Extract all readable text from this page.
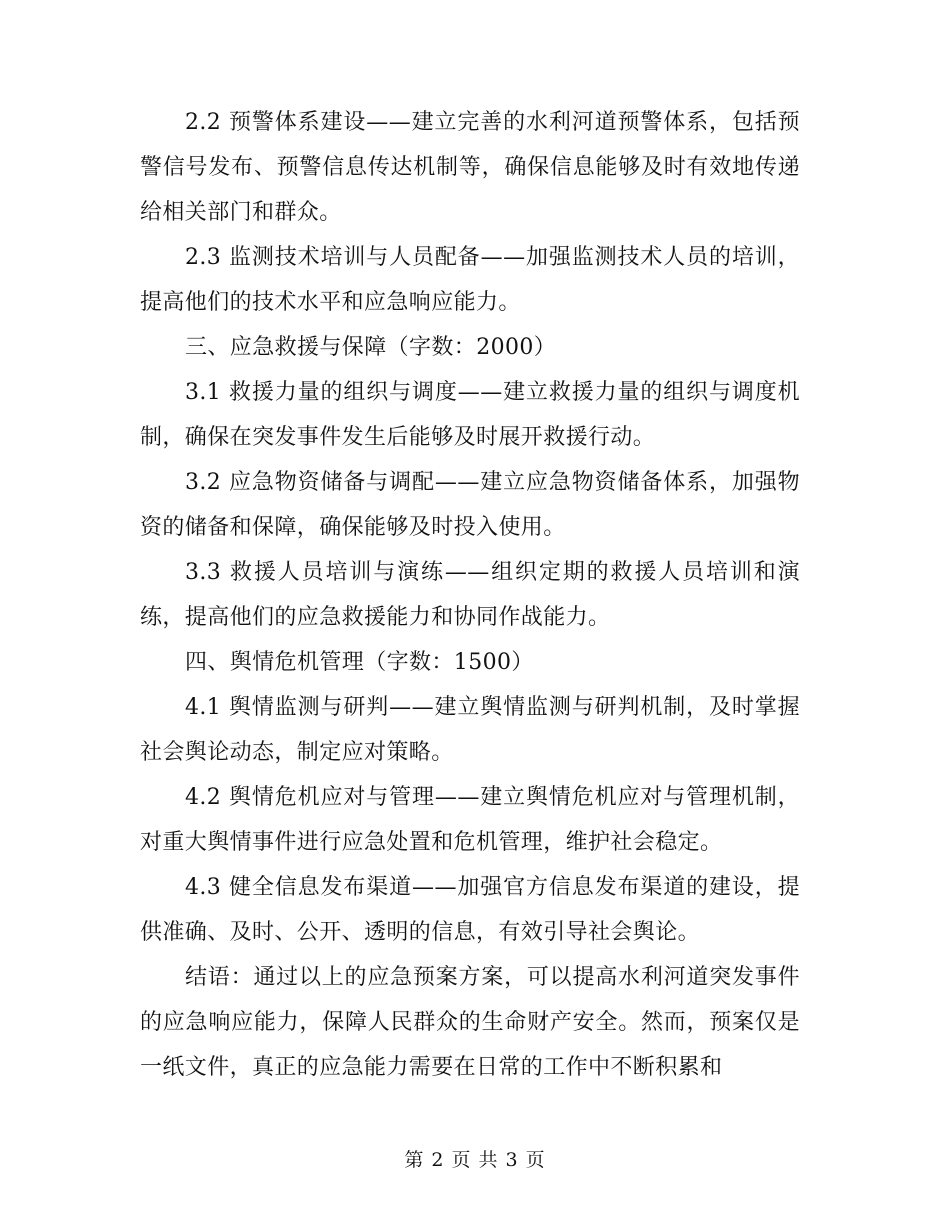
2.2 预警体系建设——建立完善的水利河道预警体系，包括预警信号发布、预警信息传达机制等，确保信息能够及时有效地传递给相关部门和群众。

2.3 监测技术培训与人员配备——加强监测技术人员的培训，提高他们的技术水平和应急响应能力。

三、应急救援与保障（字数：2000）

3.1 救援力量的组织与调度——建立救援力量的组织与调度机制，确保在突发事件发生后能够及时展开救援行动。

3.2 应急物资储备与调配——建立应急物资储备体系，加强物资的储备和保障，确保能够及时投入使用。

3.3 救援人员培训与演练——组织定期的救援人员培训和演练，提高他们的应急救援能力和协同作战能力。

四、舆情危机管理（字数：1500）

4.1 舆情监测与研判——建立舆情监测与研判机制，及时掌握社会舆论动态，制定应对策略。

4.2 舆情危机应对与管理——建立舆情危机应对与管理机制，对重大舆情事件进行应急处置和危机管理，维护社会稳定。

4.3 健全信息发布渠道——加强官方信息发布渠道的建设，提供准确、及时、公开、透明的信息，有效引导社会舆论。

结语：通过以上的应急预案方案，可以提高水利河道突发事件的应急响应能力，保障人民群众的生命财产安全。然而，预案仅是一纸文件，真正的应急能力需要在日常的工作中不断积累和

第 2 页 共 3 页
